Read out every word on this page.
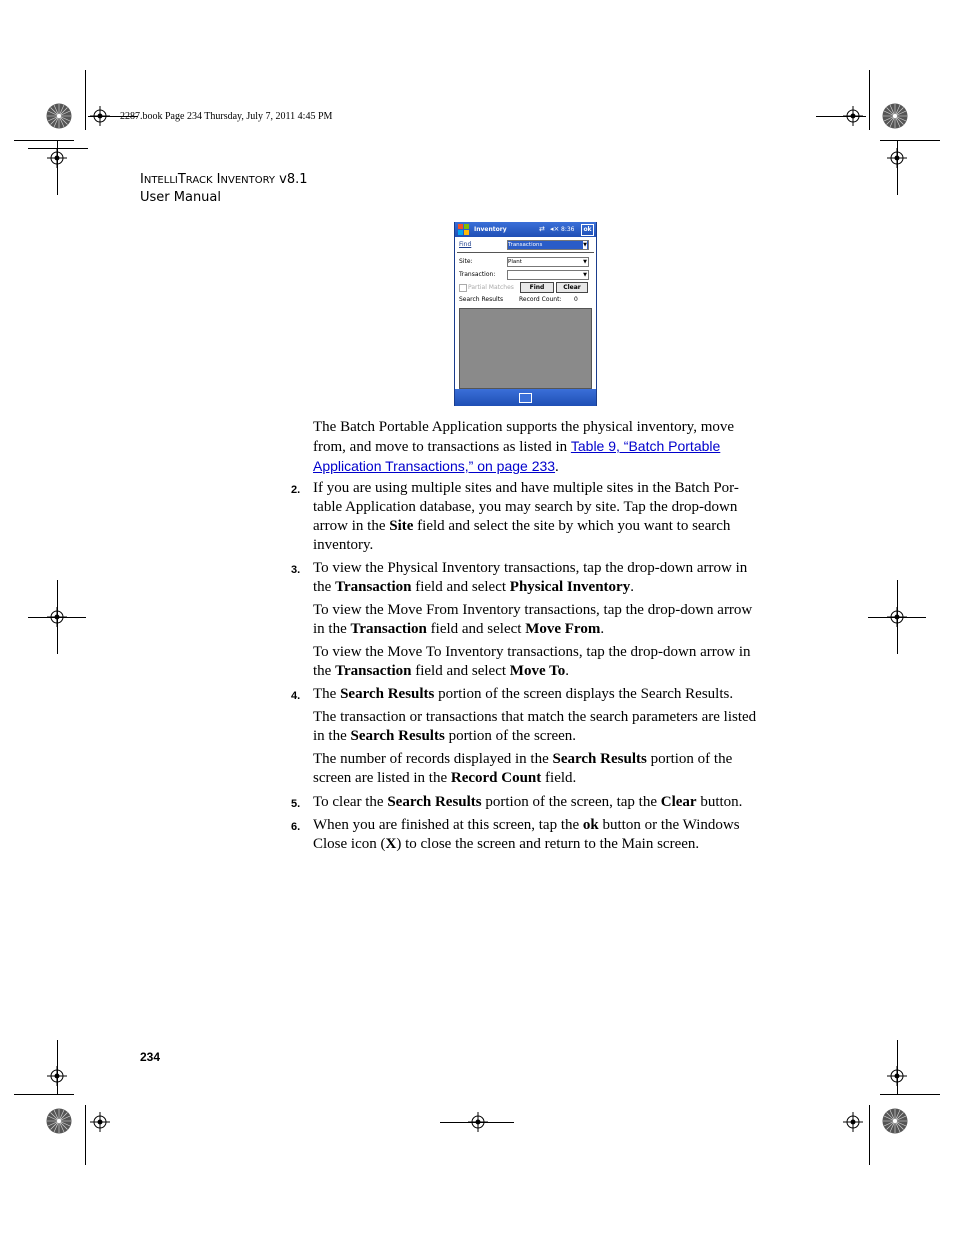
2287.book Page 234 Thursday, July 7, 2011 4:45 PM
INTELLITRACK INVENTORY v8.1
User Manual
Inventory	⇄ ◂× 8:36	ok
Find	Transactions	▼
Site:	Plant	▼
Transaction:	▼
Partial Matches	Find	Clear
Search Results	Record Count: 0
The Batch Portable Application supports the physical inventory, move from, and move to transactions as listed in Table 9, “Batch Portable Application Transactions,” on page 233.
2. If you are using multiple sites and have multiple sites in the Batch Por-table Application database, you may search by site. Tap the drop-down arrow in the Site field and select the site by which you want to search inventory.
3. To view the Physical Inventory transactions, tap the drop-down arrow in the Transaction field and select Physical Inventory.
To view the Move From Inventory transactions, tap the drop-down arrow in the Transaction field and select Move From.
To view the Move To Inventory transactions, tap the drop-down arrow in the Transaction field and select Move To.
4. The Search Results portion of the screen displays the Search Results.
The transaction or transactions that match the search parameters are listed in the Search Results portion of the screen.
The number of records displayed in the Search Results portion of the screen are listed in the Record Count field.
5. To clear the Search Results portion of the screen, tap the Clear button.
6. When you are finished at this screen, tap the ok button or the Windows Close icon (X) to close the screen and return to the Main screen.
234
